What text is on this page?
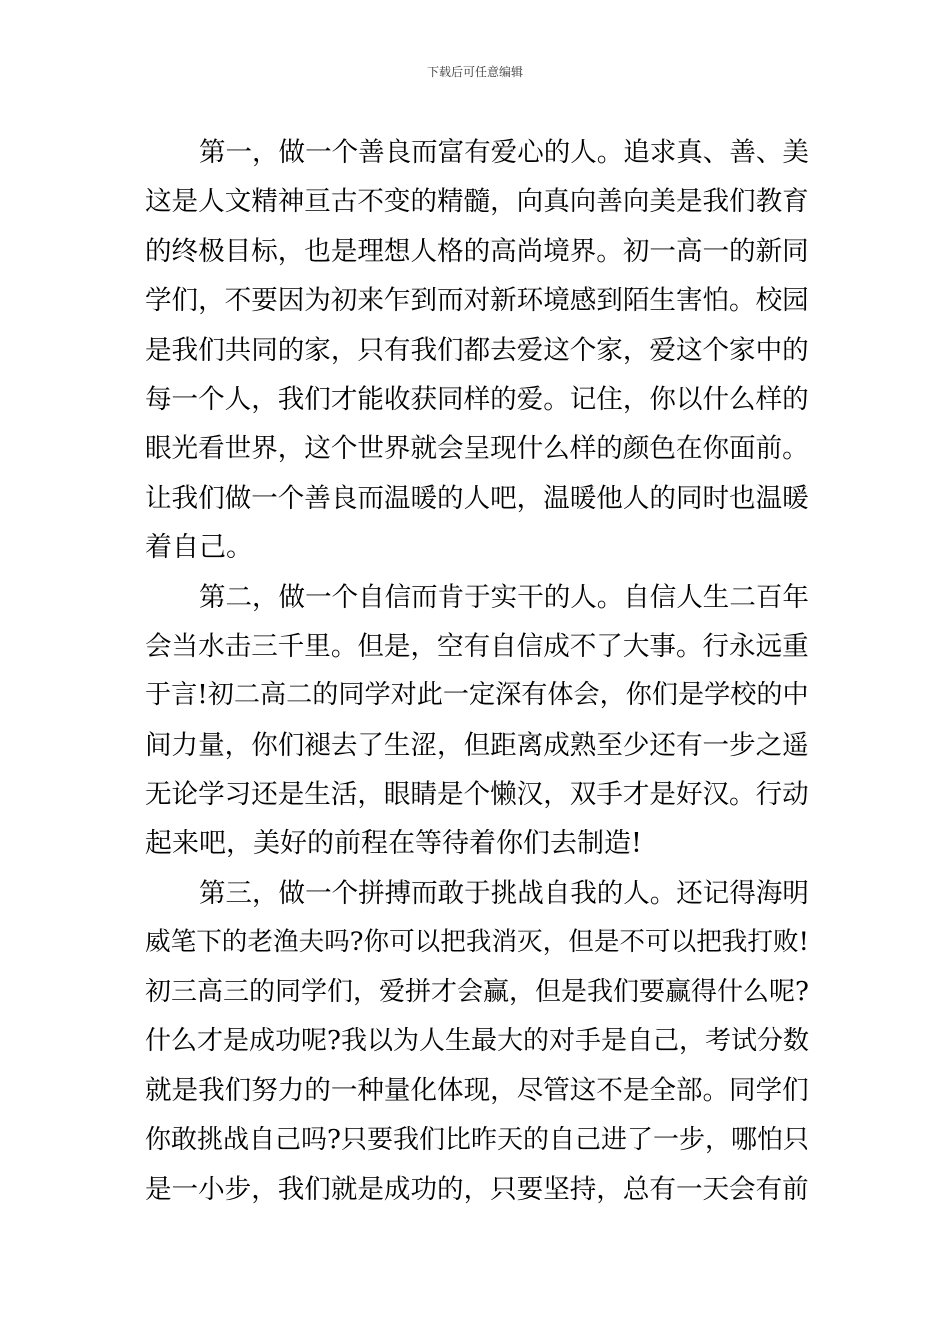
下载后可任意编辑
第一，做一个善良而富有爱心的人。追求真、善、美
这是人文精神亘古不变的精髓，向真向善向美是我们教育
的终极目标，也是理想人格的高尚境界。初一高一的新同
学们，不要因为初来乍到而对新环境感到陌生害怕。校园
是我们共同的家，只有我们都去爱这个家，爱这个家中的
每一个人，我们才能收获同样的爱。记住，你以什么样的
眼光看世界，这个世界就会呈现什么样的颜色在你面前。
让我们做一个善良而温暖的人吧，温暖他人的同时也温暖
着自己。
第二，做一个自信而肯于实干的人。自信人生二百年
会当水击三千里。但是，空有自信成不了大事。行永远重
于言!初二高二的同学对此一定深有体会，你们是学校的中
间力量，你们褪去了生涩，但距离成熟至少还有一步之遥
无论学习还是生活，眼睛是个懒汉，双手才是好汉。行动
起来吧，美好的前程在等待着你们去制造!
第三，做一个拼搏而敢于挑战自我的人。还记得海明
威笔下的老渔夫吗?你可以把我消灭，但是不可以把我打败!
初三高三的同学们，爱拼才会赢，但是我们要赢得什么呢?
什么才是成功呢?我以为人生最大的对手是自己，考试分数
就是我们努力的一种量化体现，尽管这不是全部。同学们
你敢挑战自己吗?只要我们比昨天的自己进了一步，哪怕只
是一小步，我们就是成功的，只要坚持，总有一天会有前
